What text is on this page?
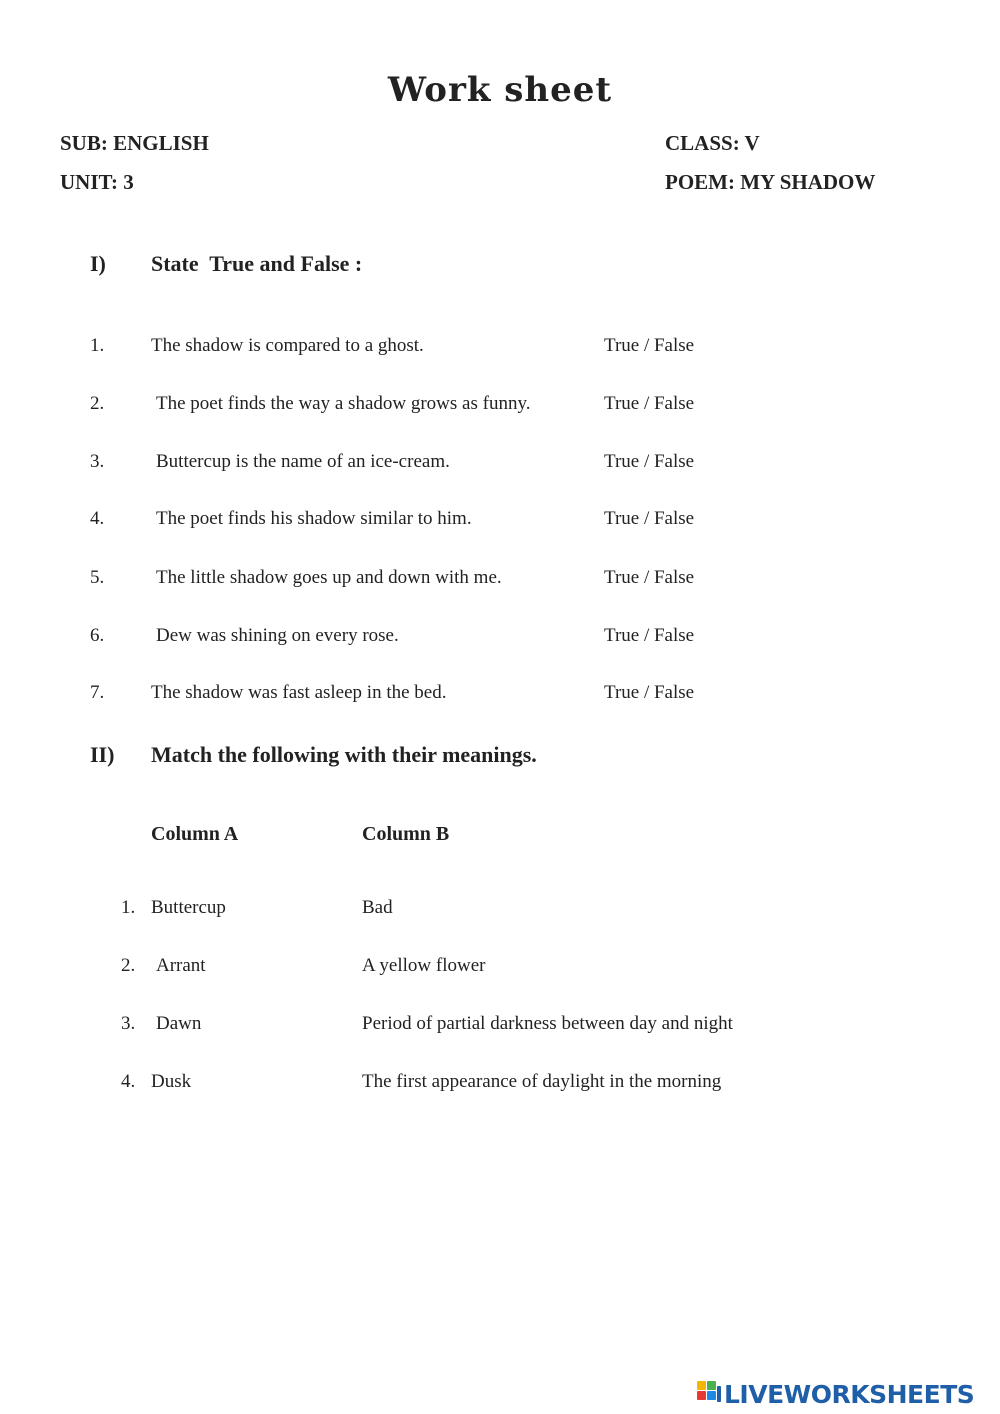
Work sheet
SUB: ENGLISH	CLASS: V
UNIT: 3	POEM: MY SHADOW
I) State  True and False :
1. The shadow is compared to a ghost.	True / False
2.	The poet finds the way a shadow grows as funny.	True / False
3.	Buttercup is the name of an ice-cream.	True / False
4.	The poet finds his shadow similar to him.	True / False
5.	The little shadow goes up and down with me.	True / False
6.	Dew was shining on every rose.	True / False
7. The shadow was fast asleep in the bed.	True / False
II) Match the following with their meanings.
Column A	Column B
1. Buttercup	Bad
2. Arrant	A yellow flower
3. Dawn	Period of partial darkness between day and night
4. Dusk	The first appearance of daylight in the morning
LIVEWORKSHEETS
